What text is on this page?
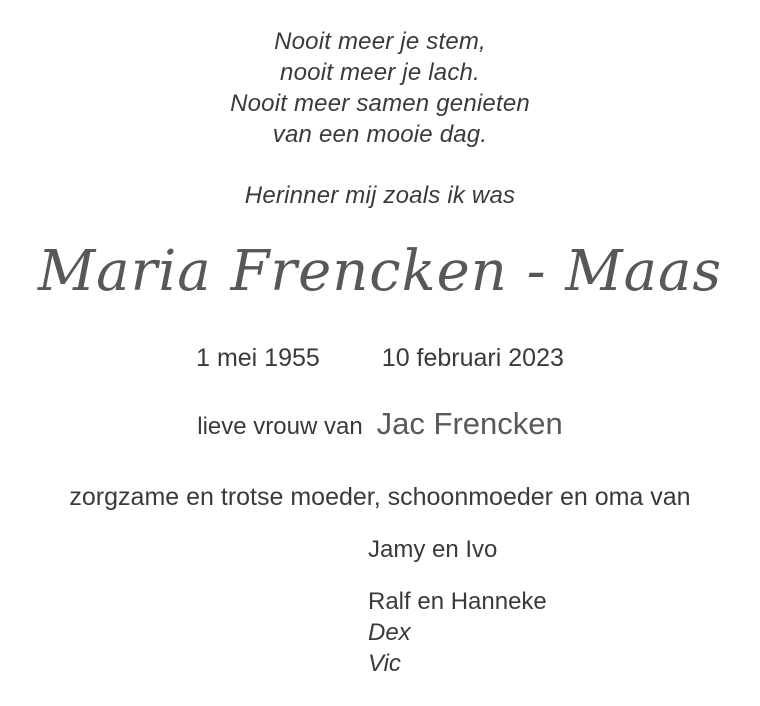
Nooit meer je stem,
nooit meer je lach.
Nooit meer samen genieten
van een mooie dag.
Herinner mij zoals ik was
Maria Frencken - Maas
1 mei 1955 10 februari 2023
lieve vrouw van Jac Frencken
zorgzame en trotse moeder, schoonmoeder en oma van
Jamy en Ivo
Ralf en Hanneke
Dex
Vic
